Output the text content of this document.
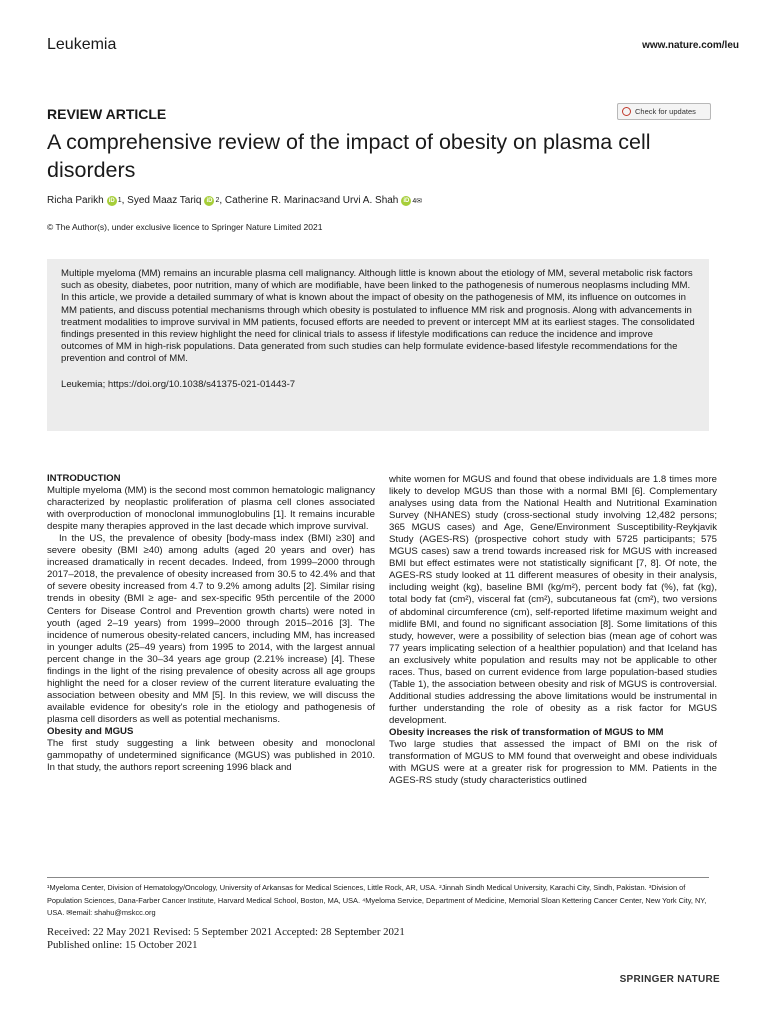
Leukemia	www.nature.com/leu
REVIEW ARTICLE	Check for updates
A comprehensive review of the impact of obesity on plasma cell disorders
Richa Parikh iD 1 , Syed Maaz Tariq iD 2 , Catherine R. Marinac 3 and Urvi A. Shah iD 4✉
© The Author(s), under exclusive licence to Springer Nature Limited 2021

Multiple myeloma (MM) remains an incurable plasma cell malignancy. Although little is known about the etiology of MM, several metabolic risk factors such as obesity, diabetes, poor nutrition, many of which are modifiable, have been linked to the pathogenesis of numerous neoplasms including MM. In this article, we provide a detailed summary of what is known about the impact of obesity on the pathogenesis of MM, its influence on outcomes in MM patients, and discuss potential mechanisms through which obesity is postulated to influence MM risk and prognosis. Along with advancements in treatment modalities to improve survival in MM patients, focused efforts are needed to prevent or intercept MM at its earliest stages. The consolidated findings presented in this review highlight the need for clinical trials to assess if lifestyle modifications can reduce the incidence and improve outcomes of MM in high-risk populations. Data generated from such studies can help formulate evidence-based lifestyle recommendations for the prevention and control of MM.

Leukemia; https://doi.org/10.1038/s41375-021-01443-7

INTRODUCTION

Multiple myeloma (MM) is the second most common hematologic malignancy characterized by neoplastic proliferation of plasma cell clones associated with overproduction of monoclonal immunoglobulins [1]. It remains incurable despite many therapies approved in the last decade which improve survival.

In the US, the prevalence of obesity [body-mass index (BMI) ≥30] and severe obesity (BMI ≥40) among adults (aged 20 years and over) has increased dramatically in recent decades. Indeed, from 1999–2000 through 2017–2018, the prevalence of obesity increased from 30.5 to 42.4% and that of severe obesity increased from 4.7 to 9.2% among adults [2]. Similar rising trends in obesity (BMI ≥ age- and sex-specific 95th percentile of the 2000 Centers for Disease Control and Prevention growth charts) were noted in youth (aged 2–19 years) from 1999–2000 through 2015–2016 [3]. The incidence of numerous obesity-related cancers, including MM, has increased in younger adults (25–49 years) from 1995 to 2014, with the largest annual percent change in the 30–34 years age group (2.21% increase) [4]. These findings in the light of the rising prevalence of obesity across all age groups highlight the need for a closer review of the current literature evaluating the association between obesity and MM [5]. In this review, we will discuss the available evidence for obesity's role in the etiology and pathogenesis of plasma cell disorders as well as potential mechanisms.

Obesity and MGUS

The first study suggesting a link between obesity and monoclonal gammopathy of undetermined significance (MGUS) was published in 2010. In that study, the authors report screening 1996 black and

white women for MGUS and found that obese individuals are 1.8 times more likely to develop MGUS than those with a normal BMI [6]. Complementary analyses using data from the National Health and Nutritional Examination Survey (NHANES) study (cross-sectional study involving 12,482 persons; 365 MGUS cases) and Age, Gene/Environment Susceptibility-Reykjavik Study (AGES-RS) (prospective cohort study with 5725 participants; 575 MGUS cases) saw a trend towards increased risk for MGUS with increased BMI but effect estimates were not statistically significant [7, 8]. Of note, the AGES-RS study looked at 11 different measures of obesity in their analysis, including weight (kg), baseline BMI (kg/m²), percent body fat (%), fat (kg), total body fat (cm²), visceral fat (cm²), subcutaneous fat (cm²), two versions of abdominal circumference (cm), self-reported lifetime maximum weight and midlife BMI, and found no significant association [8]. Some limitations of this study, however, were a possibility of selection bias (mean age of cohort was 77 years implicating selection of a healthier population) and that Iceland has an exclusively white population and results may not be applicable to other races. Thus, based on current evidence from large population-based studies (Table 1), the association between obesity and risk of MGUS is controversial. Additional studies addressing the above limitations would be instrumental in further understanding the role of obesity as a risk factor for MGUS development.

Obesity increases the risk of transformation of MGUS to MM

Two large studies that assessed the impact of BMI on the risk of transformation of MGUS to MM found that overweight and obese individuals with MGUS were at a greater risk for progression to MM. Patients in the AGES-RS study (study characteristics outlined

¹Myeloma Center, Division of Hematology/Oncology, University of Arkansas for Medical Sciences, Little Rock, AR, USA. ²Jinnah Sindh Medical University, Karachi City, Sindh, Pakistan. ³Division of Population Sciences, Dana-Farber Cancer Institute, Harvard Medical School, Boston, MA, USA. ⁴Myeloma Service, Department of Medicine, Memorial Sloan Kettering Cancer Center, New York City, NY, USA. ✉email: shahu@mskcc.org
Received: 22 May 2021 Revised: 5 September 2021 Accepted: 28 September 2021
Published online: 15 October 2021
SPRINGER NATURE
